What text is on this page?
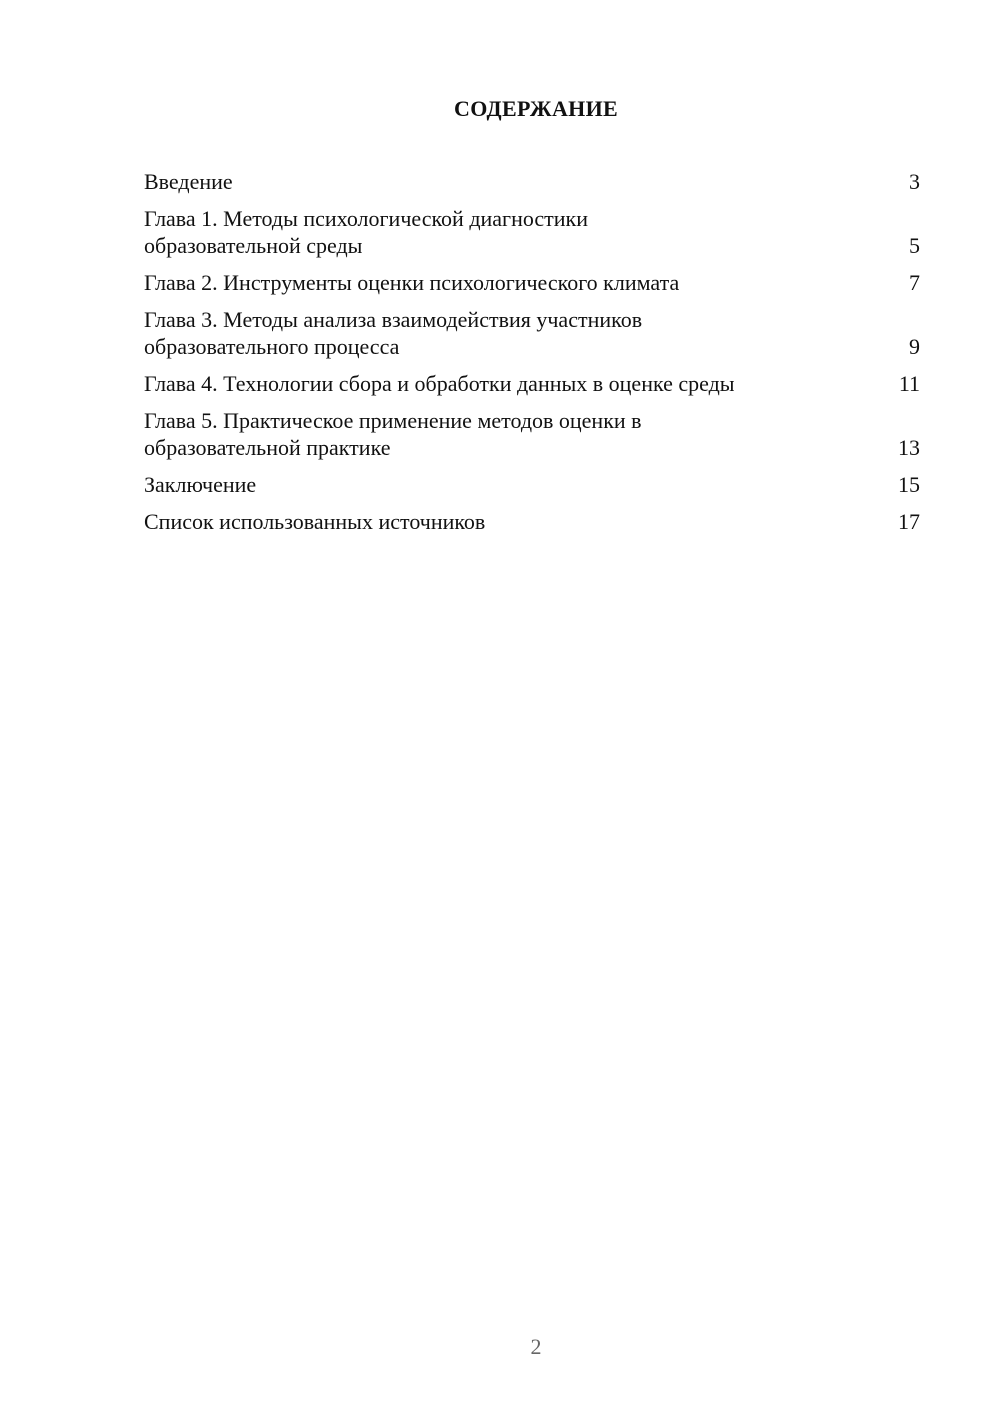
СОДЕРЖАНИЕ
Введение	3
Глава 1. Методы психологической диагностики
образовательной среды	5
Глава 2. Инструменты оценки психологического климата	7
Глава 3. Методы анализа взаимодействия участников
образовательного процесса	9
Глава 4. Технологии сбора и обработки данных в оценке среды	11
Глава 5. Практическое применение методов оценки в
образовательной практике	13
Заключение	15
Список использованных источников	17
2
